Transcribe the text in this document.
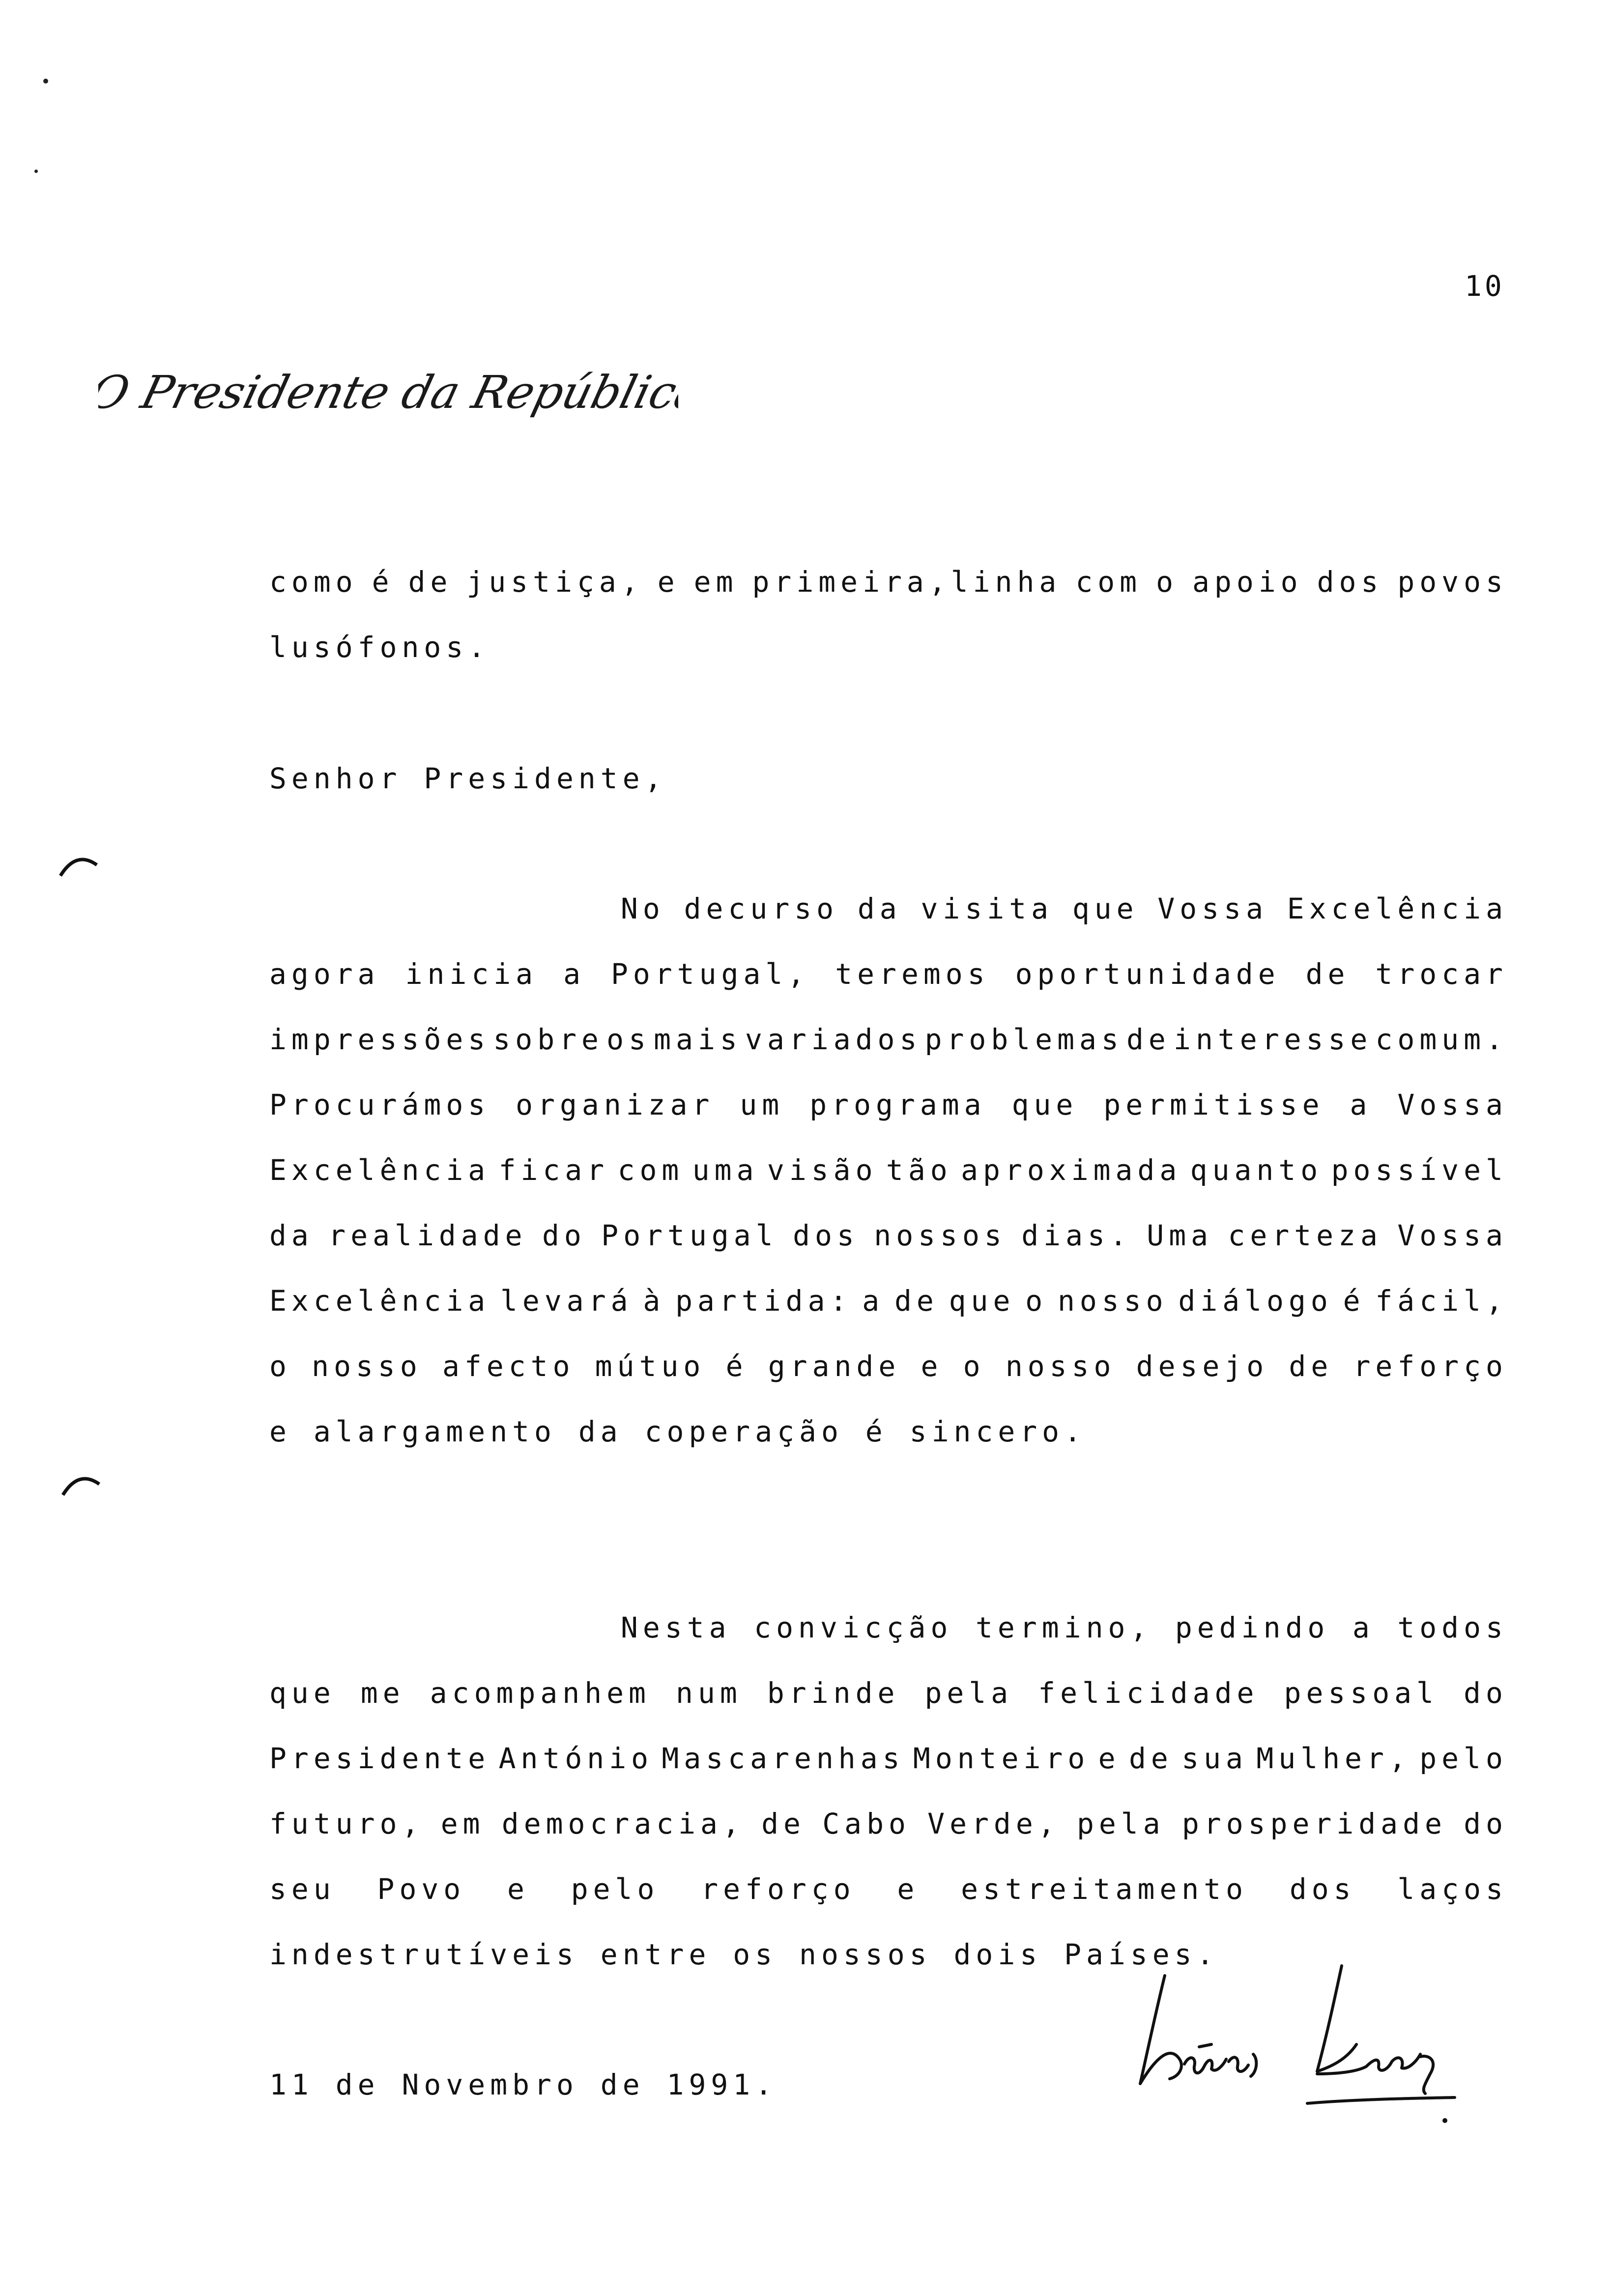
10
O Presidente da República
como é de justiça, e em primeira,linha com o apoio dos povos
lusófonos.
Senhor Presidente,
No decurso da visita que Vossa Excelência
agora inicia a Portugal, teremos oportunidade de trocar
impressões sobre os mais variados problemas de interesse comum.
Procurámos organizar um programa que permitisse a Vossa
Excelência ficar com uma visão tão aproximada quanto possível
da realidade do Portugal dos nossos dias. Uma certeza Vossa
Excelência levará à partida: a de que o nosso diálogo é fácil,
o nosso afecto mútuo é grande e o nosso desejo de reforço
e alargamento da coperação é sincero.
Nesta convicção termino, pedindo a todos
que me acompanhem num brinde pela felicidade pessoal do
Presidente António Mascarenhas Monteiro e de sua Mulher, pelo
futuro, em democracia, de Cabo Verde, pela prosperidade do
seu Povo e pelo reforço e estreitamento dos laços
indestrutíveis entre os nossos dois Países.
11 de Novembro de 1991.
